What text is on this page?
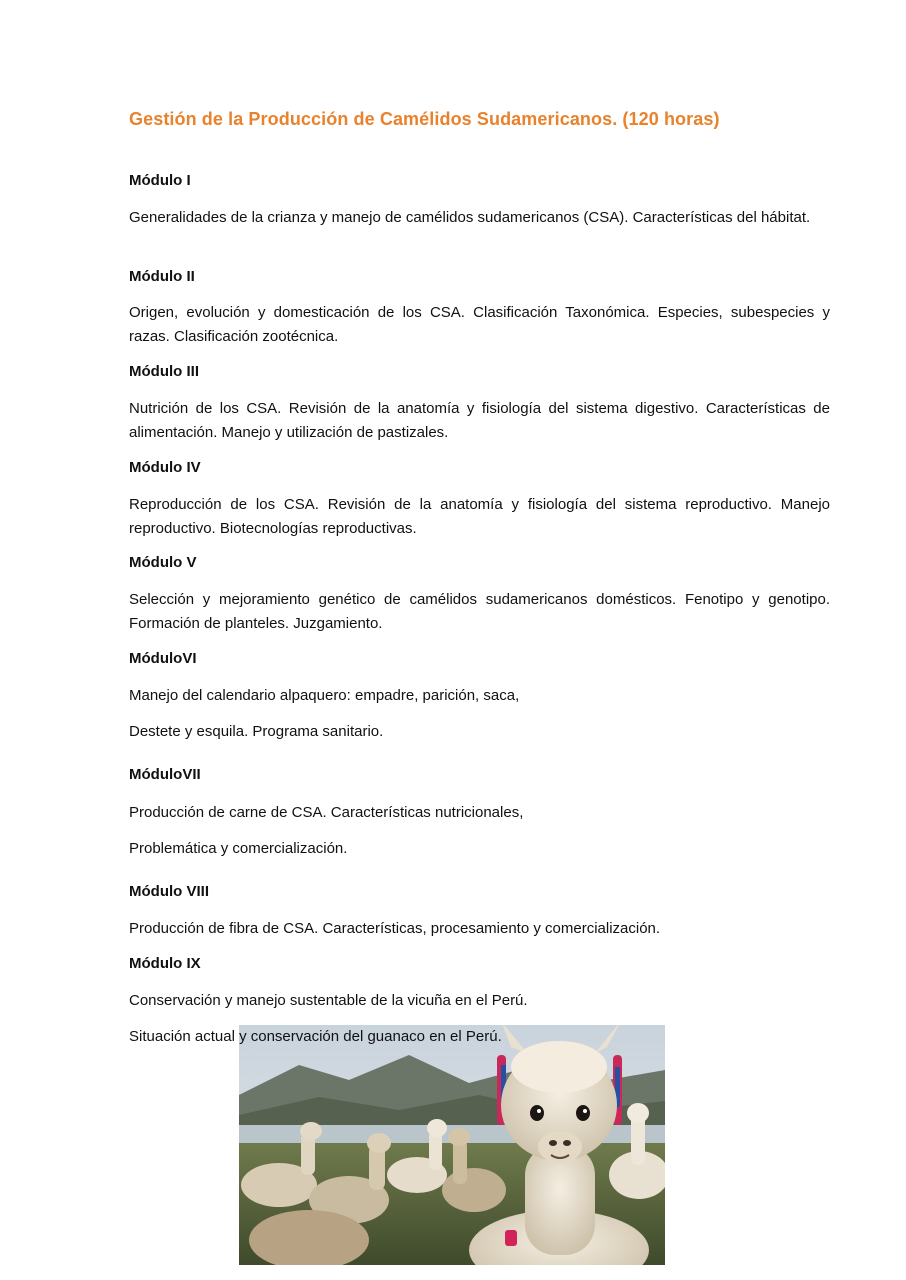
Gestión de la Producción de Camélidos Sudamericanos. (120 horas)
Módulo I
Generalidades de la crianza y manejo de camélidos sudamericanos (CSA). Características del hábitat.
Módulo II
Origen, evolución y domesticación de los CSA. Clasificación Taxonómica. Especies, subespecies y razas. Clasificación zootécnica.
Módulo III
Nutrición de los CSA. Revisión de la anatomía y fisiología del sistema digestivo. Características de alimentación. Manejo y utilización de pastizales.
Módulo IV
Reproducción de los CSA. Revisión de la anatomía y fisiología del sistema reproductivo. Manejo reproductivo. Biotecnologías reproductivas.
Módulo V
Selección y mejoramiento genético de camélidos sudamericanos domésticos. Fenotipo y genotipo. Formación de planteles. Juzgamiento.
MóduloVI
Manejo del calendario alpaquero: empadre, parición, saca,
Destete y esquila. Programa sanitario.
MóduloVII
Producción de carne de CSA. Características nutricionales,
Problemática y comercialización.
Módulo VIII
Producción de fibra de CSA. Características, procesamiento y comercialización.
Módulo IX
Conservación y manejo sustentable de la vicuña en el Perú.
Situación actual y conservación del guanaco en el Perú.
